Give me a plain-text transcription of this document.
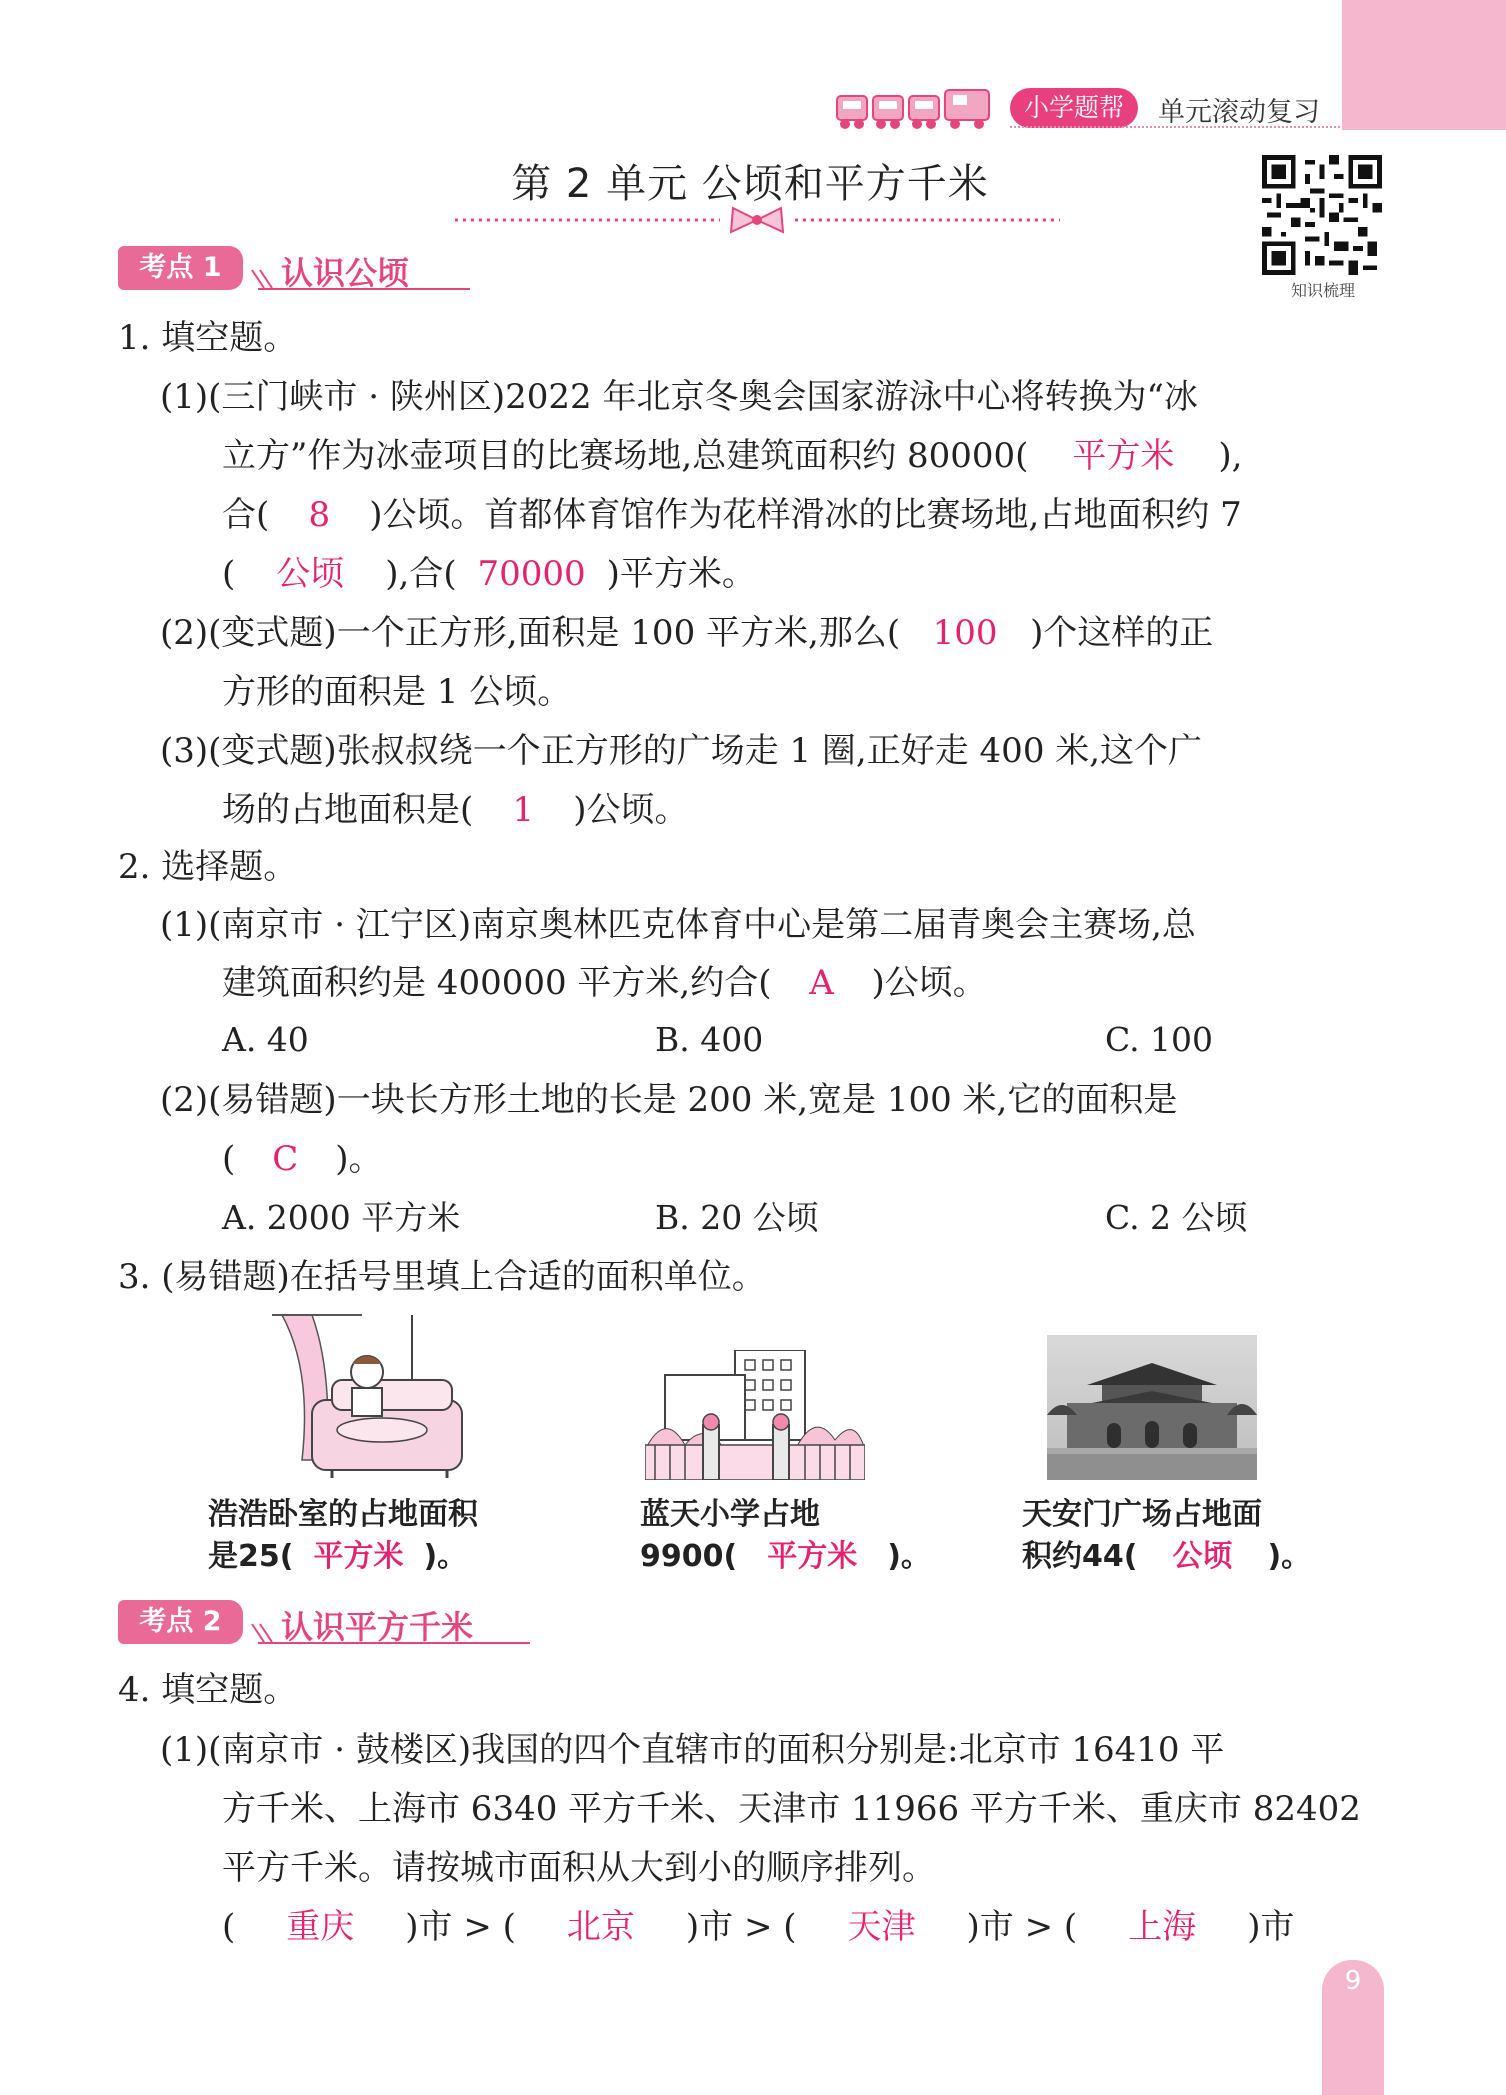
小学题帮	单元滚动复习
第 2 单元 公顷和平方千米
知识梳理
考点 1	认识公顷
1. 填空题。
(1)(三门峡市 · 陕州区)2022 年北京冬奥会国家游泳中心将转换为“冰
立方”作为冰壶项目的比赛场地,总建筑面积约 80000( 平方米 ),
合( 8 )公顷。首都体育馆作为花样滑冰的比赛场地,占地面积约 7
( 公顷 ),合( 70000 )平方米。
(2)(变式题)一个正方形,面积是 100 平方米,那么( 100 )个这样的正
方形的面积是 1 公顷。
(3)(变式题)张叔叔绕一个正方形的广场走 1 圈,正好走 400 米,这个广
场的占地面积是( 1 )公顷。
2. 选择题。
(1)(南京市 · 江宁区)南京奥林匹克体育中心是第二届青奥会主赛场,总
建筑面积约是 400000 平方米,约合( A )公顷。
A. 40	B. 400	C. 100
(2)(易错题)一块长方形土地的长是 200 米,宽是 100 米,它的面积是
( C )。
A. 2000 平方米	B. 20 公顷	C. 2 公顷
3. (易错题)在括号里填上合适的面积单位。
浩浩卧室的占地面积
是25( 平方米 )。
蓝天小学占地
9900( 平方米 )。
天安门广场占地面
积约44( 公顷 )。
考点 2	认识平方千米
4. 填空题。
(1)(南京市 · 鼓楼区)我国的四个直辖市的面积分别是:北京市 16410 平
方千米、上海市 6340 平方千米、天津市 11966 平方千米、重庆市 82402
平方千米。请按城市面积从大到小的顺序排列。
( 重庆 )市 > ( 北京 )市 > ( 天津 )市 > ( 上海 )市
9
